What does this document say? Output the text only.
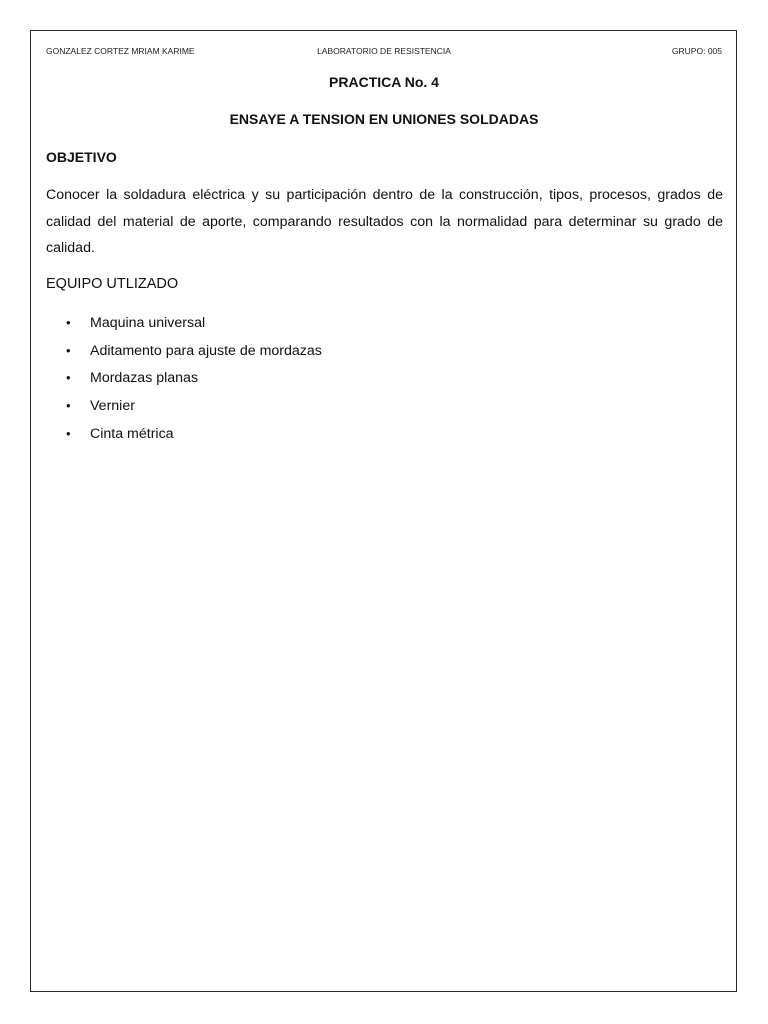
GONZALEZ CORTEZ MRIAM KARIME	LABORATORIO DE RESISTENCIA	GRUPO: 005
PRACTICA No. 4
ENSAYE A TENSION EN UNIONES SOLDADAS
OBJETIVO

Conocer la soldadura eléctrica y su participación dentro de la construcción, tipos, procesos, grados de calidad del material de aporte, comparando resultados con la normalidad para determinar su grado de calidad.

EQUIPO UTLIZADO
• Maquina universal
• Aditamento para ajuste de mordazas
• Mordazas planas
• Vernier
• Cinta métrica
